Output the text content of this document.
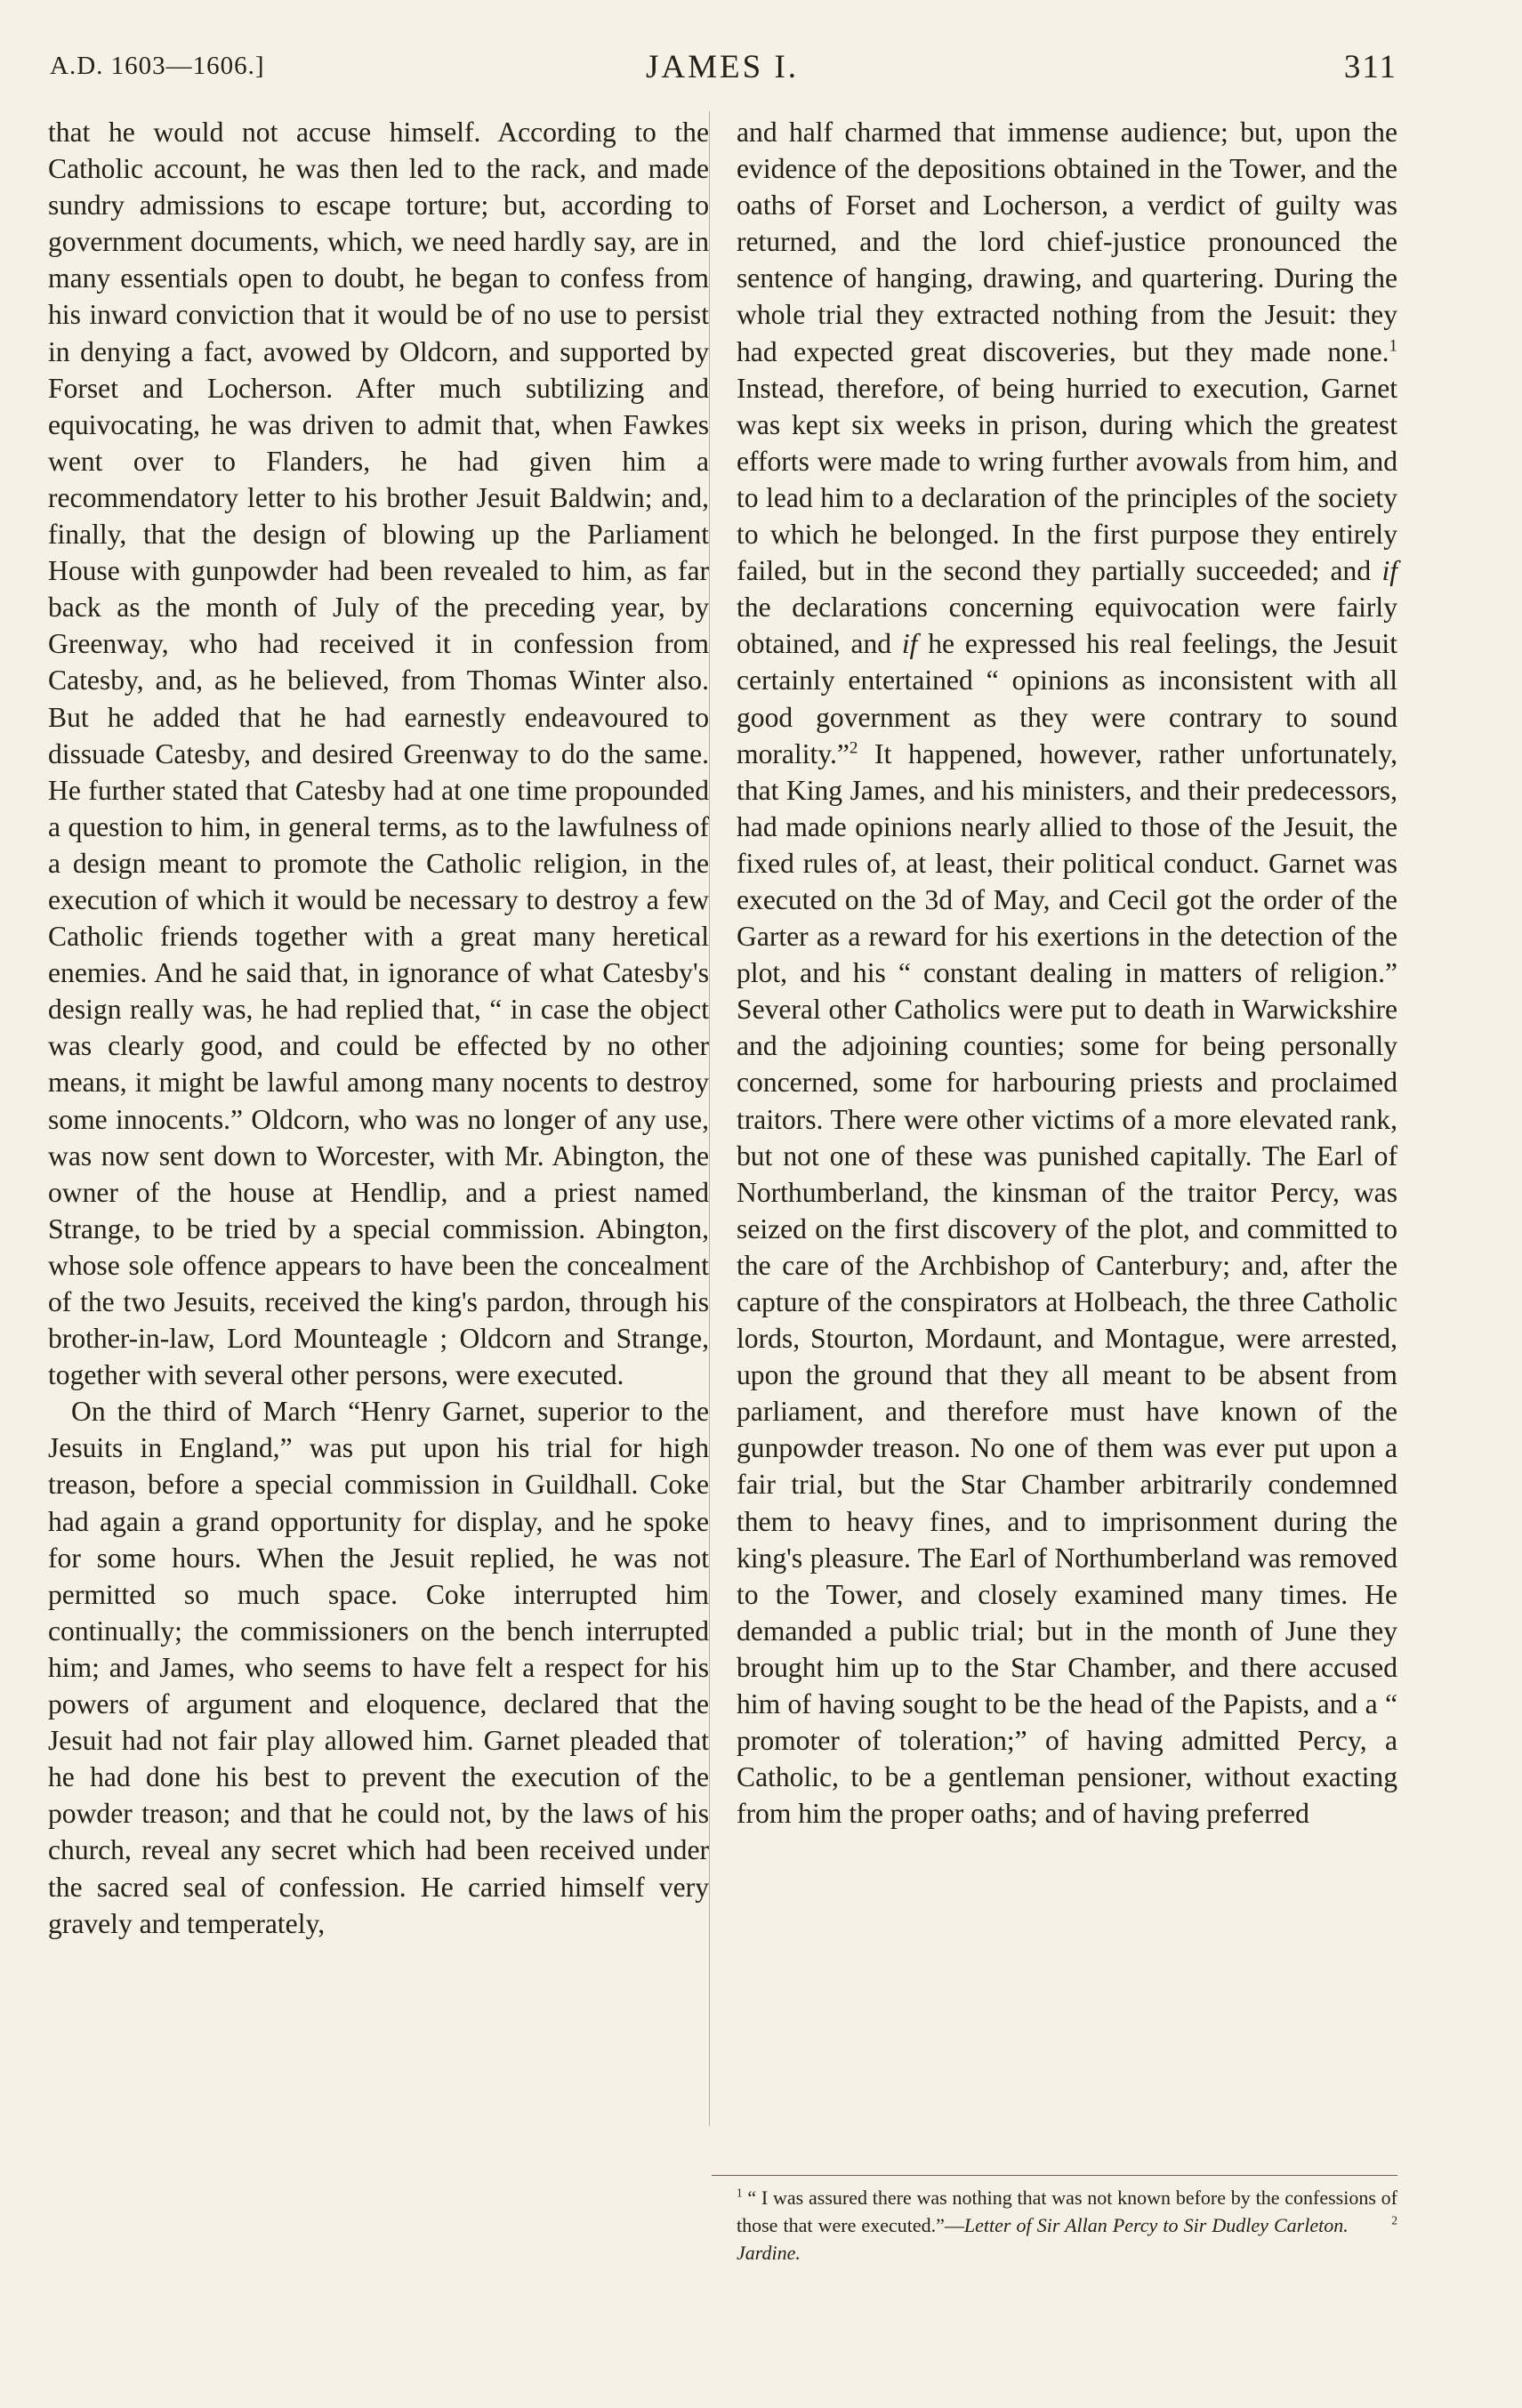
A.D. 1603—1606.]	JAMES I.	311

that he would not accuse himself. According to the Catholic account, he was then led to the rack, and made sundry admissions to escape torture; but, according to government documents, which, we need hardly say, are in many essentials open to doubt, he began to confess from his inward conviction that it would be of no use to persist in denying a fact, avowed by Oldcorn, and supported by Forset and Locherson. After much subtilizing and equivocating, he was driven to admit that, when Fawkes went over to Flanders, he had given him a recommendatory letter to his brother Jesuit Baldwin; and, finally, that the design of blowing up the Parliament House with gunpowder had been revealed to him, as far back as the month of July of the preceding year, by Greenway, who had received it in confession from Catesby, and, as he believed, from Thomas Winter also. But he added that he had earnestly endeavoured to dissuade Catesby, and desired Greenway to do the same. He further stated that Catesby had at one time propounded a question to him, in general terms, as to the lawfulness of a design meant to promote the Catholic religion, in the execution of which it would be necessary to destroy a few Catholic friends together with a great many heretical enemies. And he said that, in ignorance of what Catesby's design really was, he had replied that, “ in case the object was clearly good, and could be effected by no other means, it might be lawful among many nocents to destroy some innocents.” Oldcorn, who was no longer of any use, was now sent down to Worcester, with Mr. Abington, the owner of the house at Hendlip, and a priest named Strange, to be tried by a special commission. Abington, whose sole offence appears to have been the concealment of the two Jesuits, received the king's pardon, through his brother-in-law, Lord Mounteagle ; Oldcorn and Strange, together with several other persons, were executed.

On the third of March “Henry Garnet, superior to the Jesuits in England,” was put upon his trial for high treason, before a special commission in Guildhall. Coke had again a grand opportunity for display, and he spoke for some hours. When the Jesuit replied, he was not permitted so much space. Coke interrupted him continually; the commissioners on the bench interrupted him; and James, who seems to have felt a respect for his powers of argument and eloquence, declared that the Jesuit had not fair play allowed him. Garnet pleaded that he had done his best to prevent the execution of the powder treason; and that he could not, by the laws of his church, reveal any secret which had been received under the sacred seal of confession. He carried himself very gravely and temperately,

and half charmed that immense audience; but, upon the evidence of the depositions obtained in the Tower, and the oaths of Forset and Locherson, a verdict of guilty was returned, and the lord chief-justice pronounced the sentence of hanging, drawing, and quartering. During the whole trial they extracted nothing from the Jesuit: they had expected great discoveries, but they made none.$^1$ Instead, therefore, of being hurried to execution, Garnet was kept six weeks in prison, during which the greatest efforts were made to wring further avowals from him, and to lead him to a declaration of the principles of the society to which he belonged. In the first purpose they entirely failed, but in the second they partially succeeded; and if the declarations concerning equivocation were fairly obtained, and if he expressed his real feelings, the Jesuit certainly entertained “ opinions as inconsistent with all good government as they were contrary to sound morality.”$^2$ It happened, however, rather unfortunately, that King James, and his ministers, and their predecessors, had made opinions nearly allied to those of the Jesuit, the fixed rules of, at least, their political conduct. Garnet was executed on the 3d of May, and Cecil got the order of the Garter as a reward for his exertions in the detection of the plot, and his “ constant dealing in matters of religion.” Several other Catholics were put to death in Warwickshire and the adjoining counties; some for being personally concerned, some for harbouring priests and proclaimed traitors. There were other victims of a more elevated rank, but not one of these was punished capitally. The Earl of Northumberland, the kinsman of the traitor Percy, was seized on the first discovery of the plot, and committed to the care of the Archbishop of Canterbury; and, after the capture of the conspirators at Holbeach, the three Catholic lords, Stourton, Mordaunt, and Montague, were arrested, upon the ground that they all meant to be absent from parliament, and therefore must have known of the gunpowder treason. No one of them was ever put upon a fair trial, but the Star Chamber arbitrarily condemned them to heavy fines, and to imprisonment during the king's pleasure. The Earl of Northumberland was removed to the Tower, and closely examined many times. He demanded a public trial; but in the month of June they brought him up to the Star Chamber, and there accused him of having sought to be the head of the Papists, and a “ promoter of toleration;” of having admitted Percy, a Catholic, to be a gentleman pensioner, without exacting from him the proper oaths; and of having preferred

$^1$ “ I was assured there was nothing that was not known before by the confessions of those that were executed.”—Letter of Sir Allan Percy to Sir Dudley Carleton.	$^2$ Jardine.
